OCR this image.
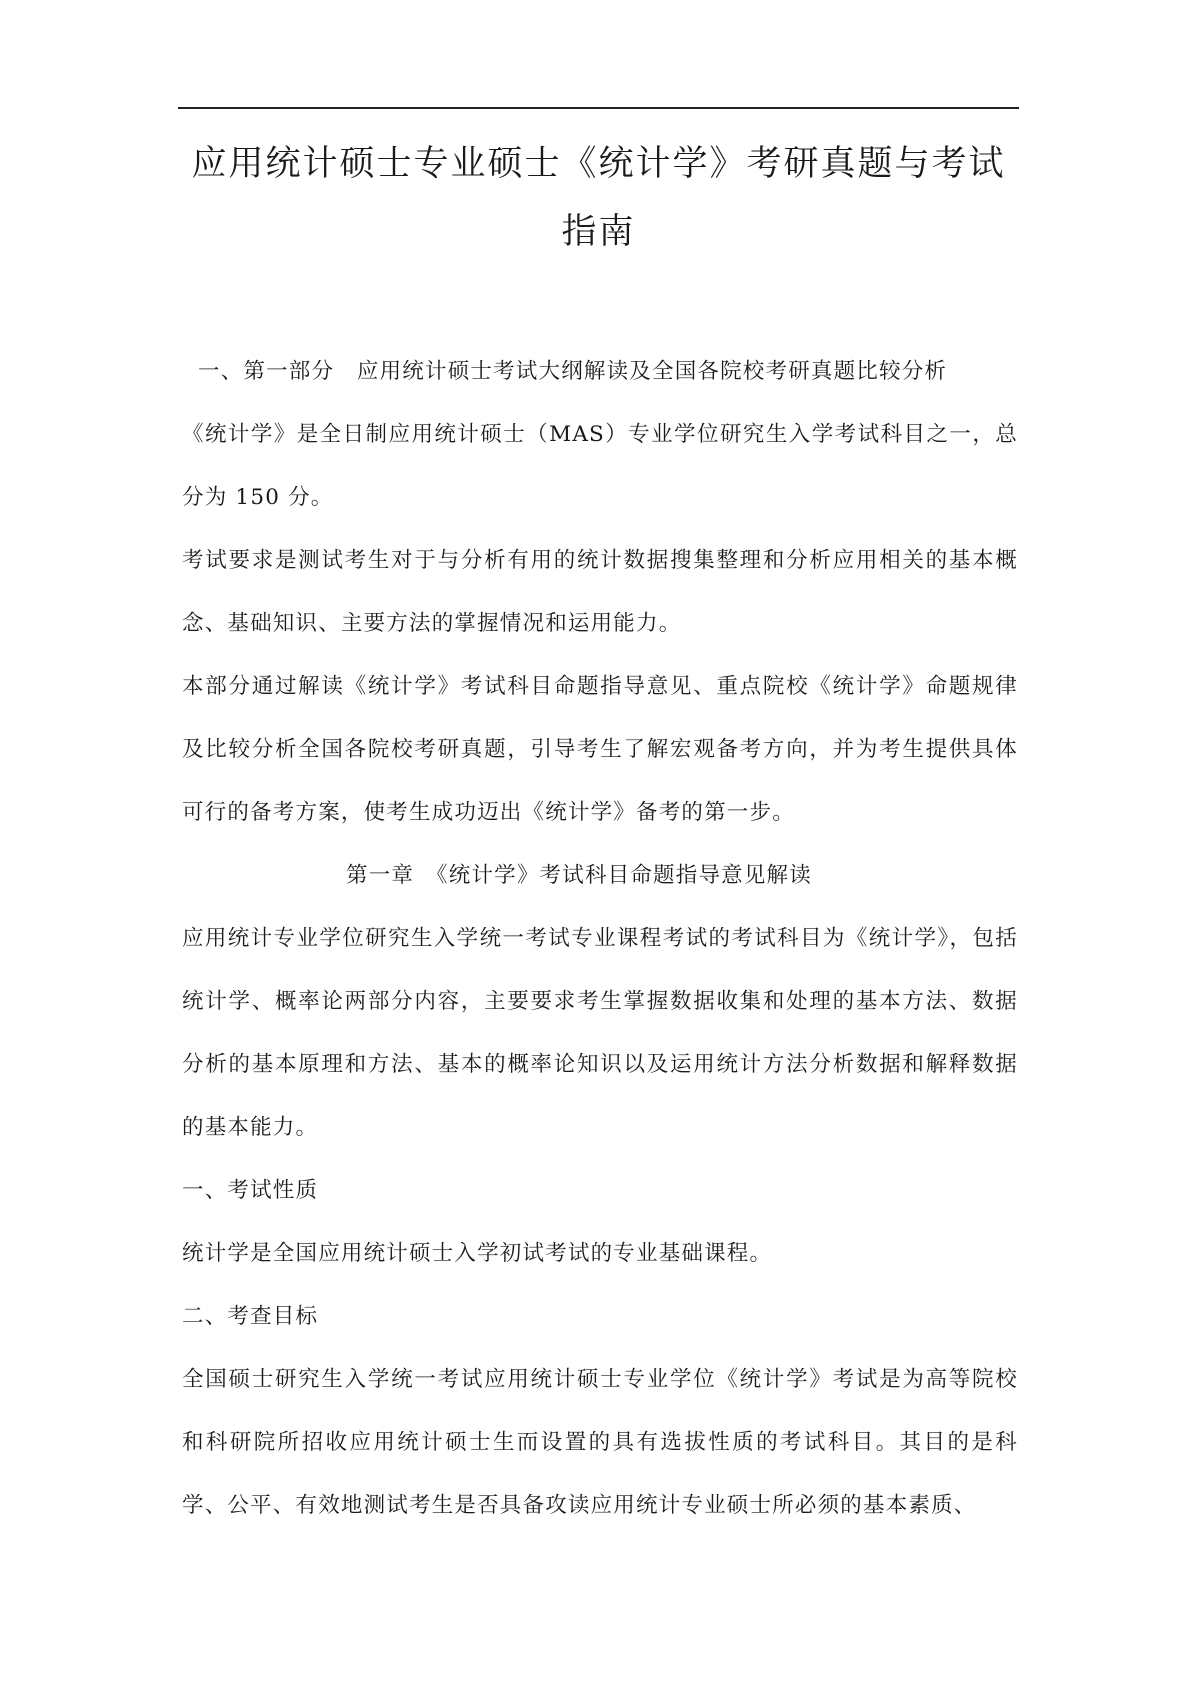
应用统计硕士专业硕士《统计学》考研真题与考试指南

一、第一部分　应用统计硕士考试大纲解读及全国各院校考研真题比较分析

《统计学》是全日制应用统计硕士（MAS）专业学位研究生入学考试科目之一，总分为 150 分。

考试要求是测试考生对于与分析有用的统计数据搜集整理和分析应用相关的基本概念、基础知识、主要方法的掌握情况和运用能力。

本部分通过解读《统计学》考试科目命题指导意见、重点院校《统计学》命题规律及比较分析全国各院校考研真题，引导考生了解宏观备考方向，并为考生提供具体可行的备考方案，使考生成功迈出《统计学》备考的第一步。

第一章　《统计学》考试科目命题指导意见解读

应用统计专业学位研究生入学统一考试专业课程考试的考试科目为《统计学》，包括统计学、概率论两部分内容，主要要求考生掌握数据收集和处理的基本方法、数据分析的基本原理和方法、基本的概率论知识以及运用统计方法分析数据和解释数据的基本能力。

一、考试性质

统计学是全国应用统计硕士入学初试考试的专业基础课程。

二、考查目标

全国硕士研究生入学统一考试应用统计硕士专业学位《统计学》考试是为高等院校和科研院所招收应用统计硕士生而设置的具有选拔性质的考试科目。其目的是科学、公平、有效地测试考生是否具备攻读应用统计专业硕士所必须的基本素质、
